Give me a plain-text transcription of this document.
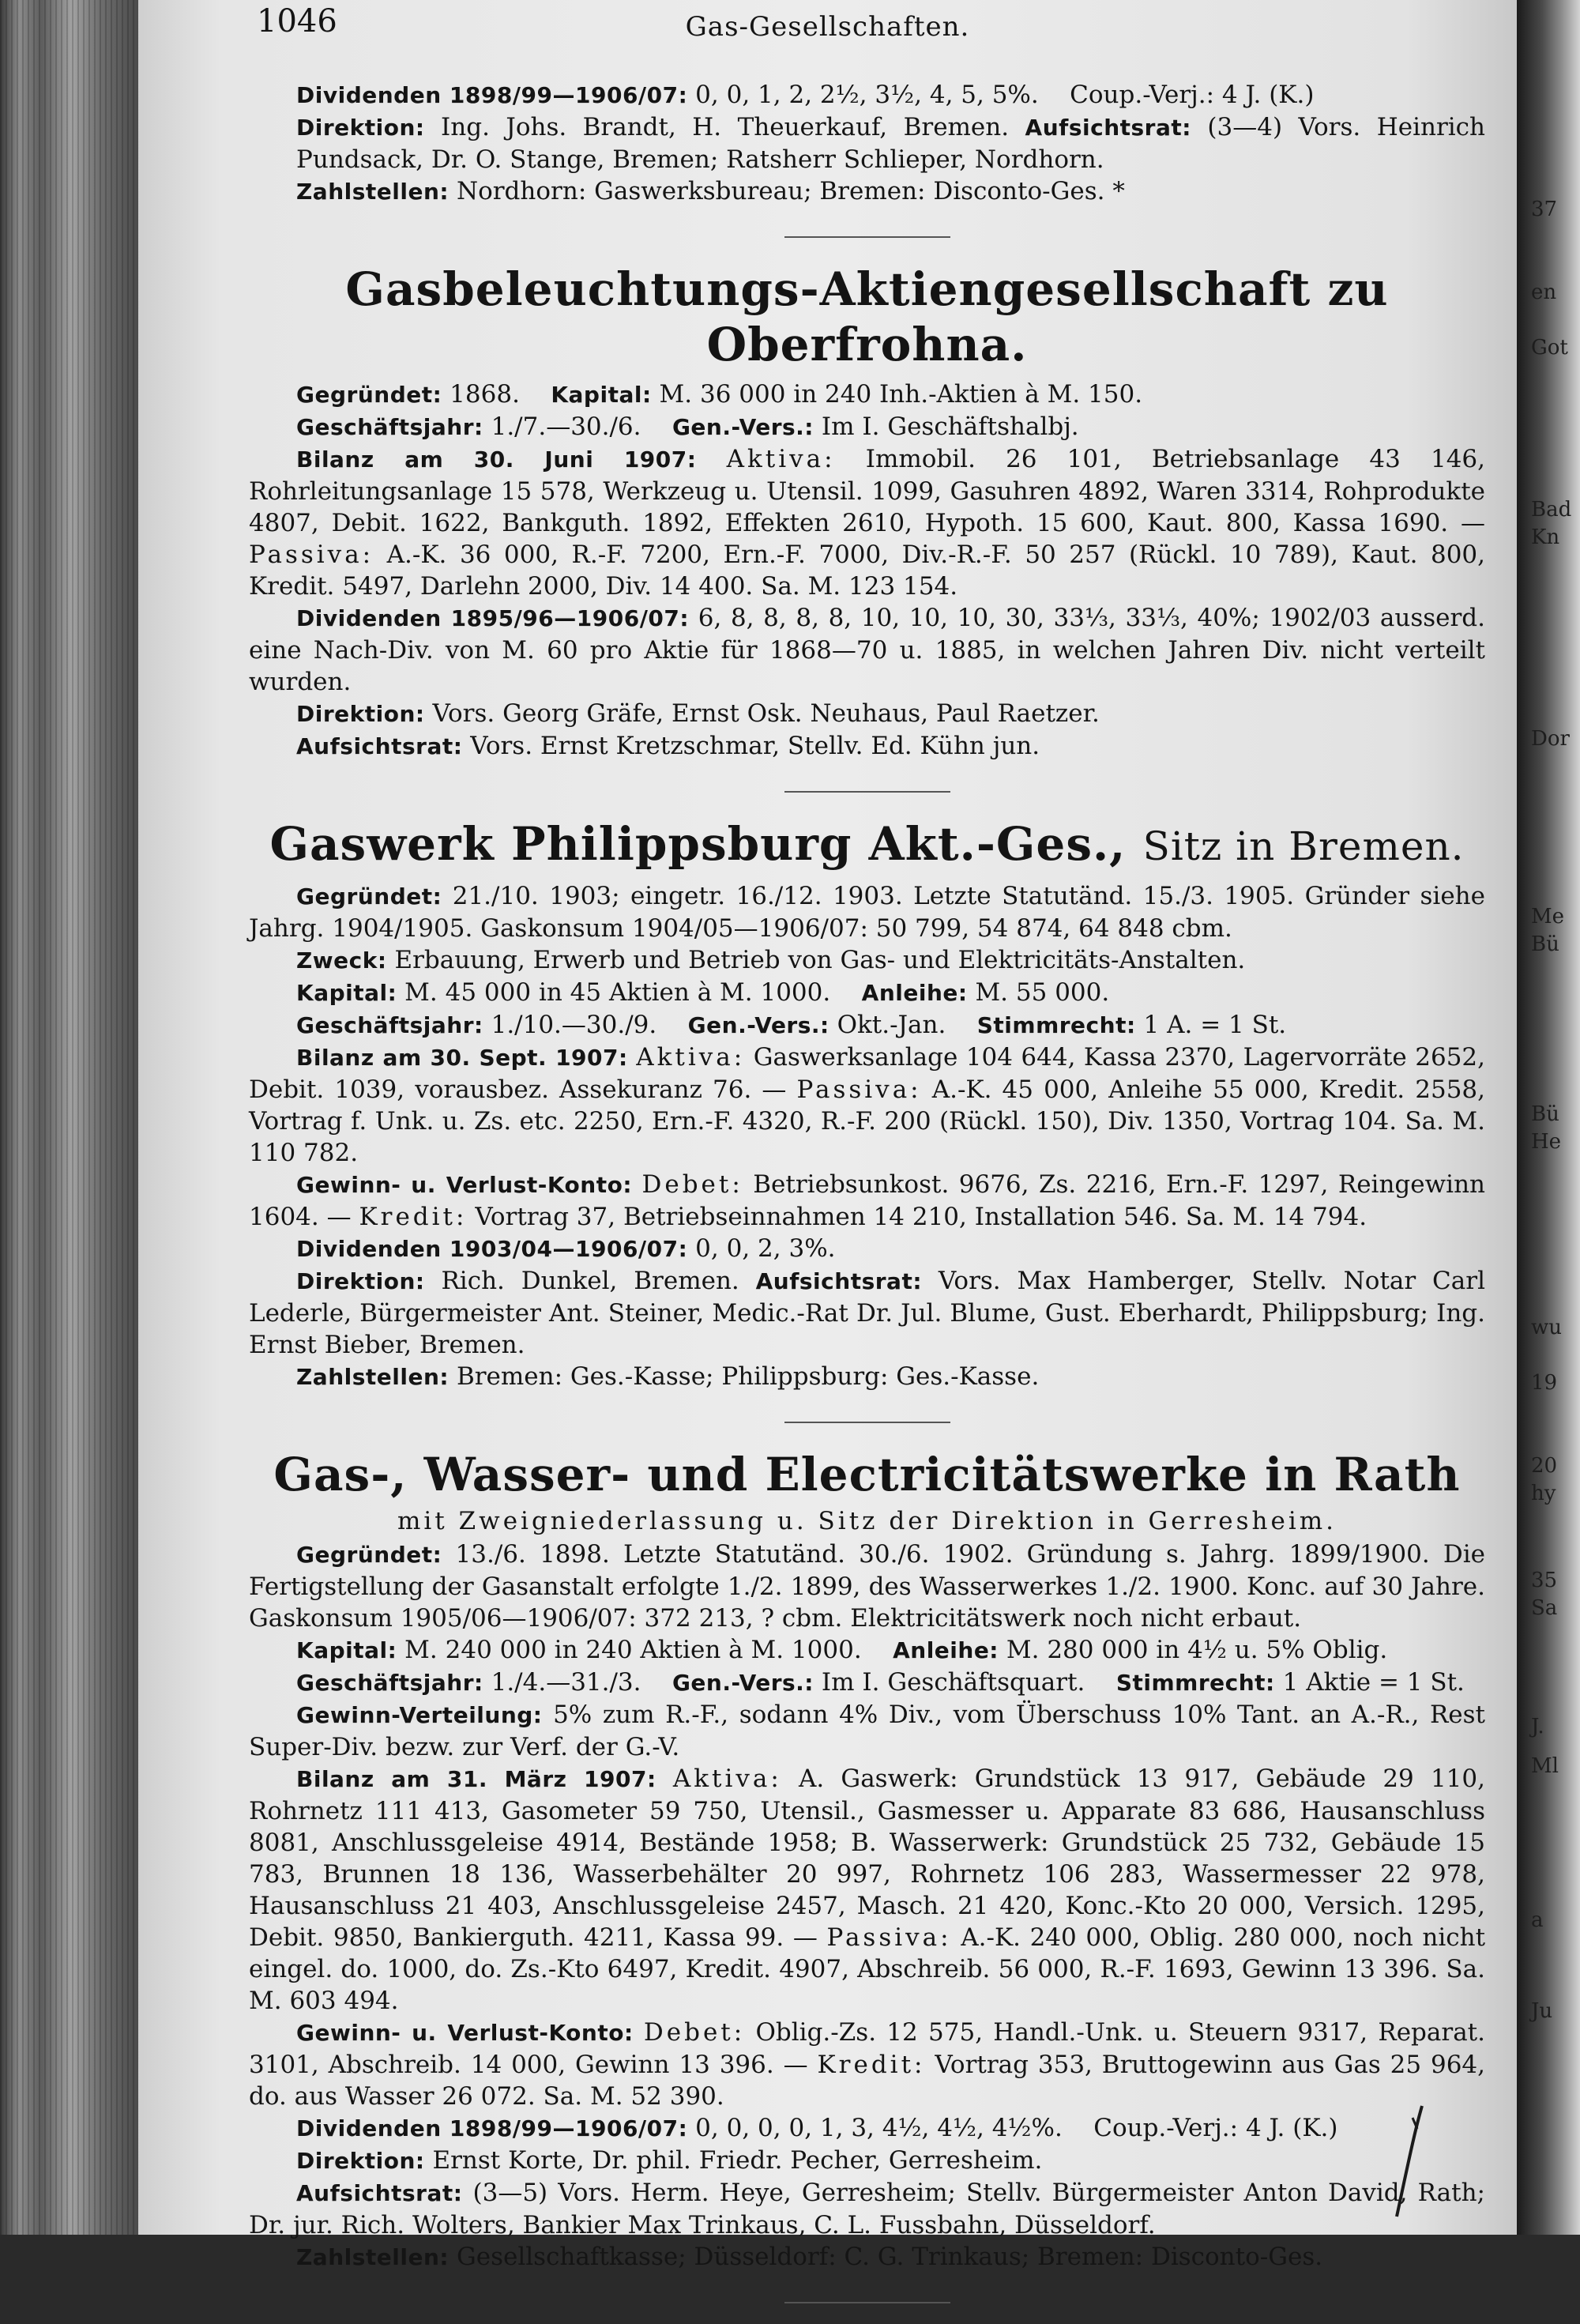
1046	Gas-Gesellschaften.

Dividenden 1898/99—1906/07: 0, 0, 1, 2, 2½, 3½, 4, 5, 5%. Coup.-Verj.: 4 J. (K.)

Direktion: Ing. Johs. Brandt, H. Theuerkauf, Bremen. Aufsichtsrat: (3—4) Vors. Heinrich Pundsack, Dr. O. Stange, Bremen; Ratsherr Schlieper, Nordhorn.

Zahlstellen: Nordhorn: Gaswerksbureau; Bremen: Disconto-Ges. *

Gasbeleuchtungs-Aktiengesellschaft zu Oberfrohna.

Gegründet: 1868. Kapital: M. 36 000 in 240 Inh.-Aktien à M. 150.

Geschäftsjahr: 1./7.—30./6. Gen.-Vers.: Im I. Geschäftshalbj.

Bilanz am 30. Juni 1907: Aktiva: Immobil. 26 101, Betriebsanlage 43 146, Rohrleitungsanlage 15 578, Werkzeug u. Utensil. 1099, Gasuhren 4892, Waren 3314, Rohprodukte 4807, Debit. 1622, Bankguth. 1892, Effekten 2610, Hypoth. 15 600, Kaut. 800, Kassa 1690. — Passiva: A.-K. 36 000, R.-F. 7200, Ern.-F. 7000, Div.-R.-F. 50 257 (Rückl. 10 789), Kaut. 800, Kredit. 5497, Darlehn 2000, Div. 14 400. Sa. M. 123 154.

Dividenden 1895/96—1906/07: 6, 8, 8, 8, 8, 10, 10, 10, 30, 33⅓, 33⅓, 40%; 1902/03 ausserd. eine Nach-Div. von M. 60 pro Aktie für 1868—70 u. 1885, in welchen Jahren Div. nicht verteilt wurden.

Direktion: Vors. Georg Gräfe, Ernst Osk. Neuhaus, Paul Raetzer.

Aufsichtsrat: Vors. Ernst Kretzschmar, Stellv. Ed. Kühn jun.

Gaswerk Philippsburg Akt.-Ges., Sitz in Bremen.

Gegründet: 21./10. 1903; eingetr. 16./12. 1903. Letzte Statutänd. 15./3. 1905. Gründer siehe Jahrg. 1904/1905. Gaskonsum 1904/05—1906/07: 50 799, 54 874, 64 848 cbm.

Zweck: Erbauung, Erwerb und Betrieb von Gas- und Elektricitäts-Anstalten.

Kapital: M. 45 000 in 45 Aktien à M. 1000. Anleihe: M. 55 000.

Geschäftsjahr: 1./10.—30./9. Gen.-Vers.: Okt.-Jan. Stimmrecht: 1 A. = 1 St.

Bilanz am 30. Sept. 1907: Aktiva: Gaswerksanlage 104 644, Kassa 2370, Lagervorräte 2652, Debit. 1039, vorausbez. Assekuranz 76. — Passiva: A.-K. 45 000, Anleihe 55 000, Kredit. 2558, Vortrag f. Unk. u. Zs. etc. 2250, Ern.-F. 4320, R.-F. 200 (Rückl. 150), Div. 1350, Vortrag 104. Sa. M. 110 782.

Gewinn- u. Verlust-Konto: Debet: Betriebsunkost. 9676, Zs. 2216, Ern.-F. 1297, Reingewinn 1604. — Kredit: Vortrag 37, Betriebseinnahmen 14 210, Installation 546. Sa. M. 14 794.

Dividenden 1903/04—1906/07: 0, 0, 2, 3%.

Direktion: Rich. Dunkel, Bremen. Aufsichtsrat: Vors. Max Hamberger, Stellv. Notar Carl Lederle, Bürgermeister Ant. Steiner, Medic.-Rat Dr. Jul. Blume, Gust. Eberhardt, Philippsburg; Ing. Ernst Bieber, Bremen.

Zahlstellen: Bremen: Ges.-Kasse; Philippsburg: Ges.-Kasse.

Gas-, Wasser- und Electricitätswerke in Rath
mit Zweigniederlassung u. Sitz der Direktion in Gerresheim.

Gegründet: 13./6. 1898. Letzte Statutänd. 30./6. 1902. Gründung s. Jahrg. 1899/1900. Die Fertigstellung der Gasanstalt erfolgte 1./2. 1899, des Wasserwerkes 1./2. 1900. Konc. auf 30 Jahre. Gaskonsum 1905/06—1906/07: 372 213, ? cbm. Elektricitätswerk noch nicht erbaut.

Kapital: M. 240 000 in 240 Aktien à M. 1000. Anleihe: M. 280 000 in 4½ u. 5% Oblig.

Geschäftsjahr: 1./4.—31./3. Gen.-Vers.: Im I. Geschäftsquart. Stimmrecht: 1 Aktie = 1 St.

Gewinn-Verteilung: 5% zum R.-F., sodann 4% Div., vom Überschuss 10% Tant. an A.-R., Rest Super-Div. bezw. zur Verf. der G.-V.

Bilanz am 31. März 1907: Aktiva: A. Gaswerk: Grundstück 13 917, Gebäude 29 110, Rohrnetz 111 413, Gasometer 59 750, Utensil., Gasmesser u. Apparate 83 686, Hausanschluss 8081, Anschlussgeleise 4914, Bestände 1958; B. Wasserwerk: Grundstück 25 732, Gebäude 15 783, Brunnen 18 136, Wasserbehälter 20 997, Rohrnetz 106 283, Wassermesser 22 978, Hausanschluss 21 403, Anschlussgeleise 2457, Masch. 21 420, Konc.-Kto 20 000, Versich. 1295, Debit. 9850, Bankierguth. 4211, Kassa 99. — Passiva: A.-K. 240 000, Oblig. 280 000, noch nicht eingel. do. 1000, do. Zs.-Kto 6497, Kredit. 4907, Abschreib. 56 000, R.-F. 1693, Gewinn 13 396. Sa. M. 603 494.

Gewinn- u. Verlust-Konto: Debet: Oblig.-Zs. 12 575, Handl.-Unk. u. Steuern 9317, Reparat. 3101, Abschreib. 14 000, Gewinn 13 396. — Kredit: Vortrag 353, Bruttogewinn aus Gas 25 964, do. aus Wasser 26 072. Sa. M. 52 390.

Dividenden 1898/99—1906/07: 0, 0, 0, 0, 1, 3, 4½, 4½, 4½%. Coup.-Verj.: 4 J. (K.)

Direktion: Ernst Korte, Dr. phil. Friedr. Pecher, Gerresheim.

Aufsichtsrat: (3—5) Vors. Herm. Heye, Gerresheim; Stellv. Bürgermeister Anton David, Rath; Dr. jur. Rich. Wolters, Bankier Max Trinkaus, C. L. Fussbahn, Düsseldorf.

Zahlstellen: Gesellschaftkasse; Düsseldorf: C. G. Trinkaus; Bremen: Disconto-Ges.

37
en
Got
Bad
Kn
Dor
Me
Bü
Bü
He
wu
19
20
hy
35
Sa
J.
Ml
a
Ju
